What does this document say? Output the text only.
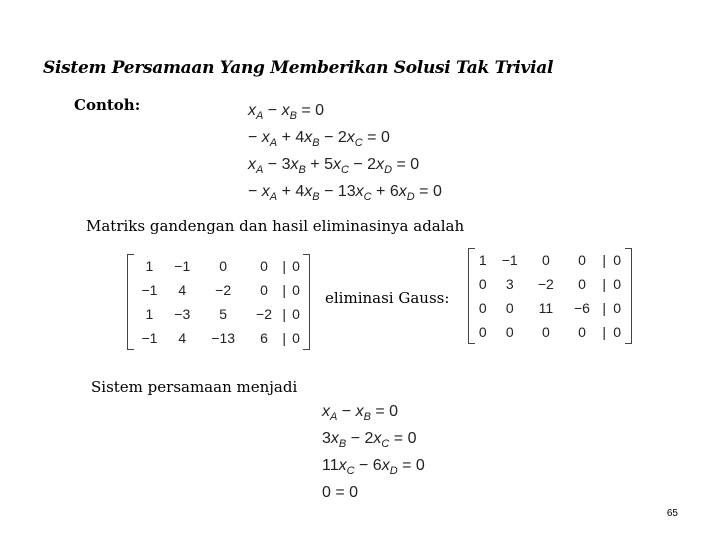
Sistem Persamaan Yang Memberikan Solusi Tak Trivial
Contoh:	$x_A - x_B = 0$
− $x_A + 4x_B - 2x_C = 0$
$x_A - 3x_B + 5x_C - 2x_D = 0$
− $x_A + 4x_B - 13x_C + 6x_D = 0$
Matriks gandengan dan hasil eliminasinya adalah
1	−1	0	0	|	0
−1	4	−2	0	|	0
1	−3	5	−2	|	0
−1	4	−13	6	|	0
eliminasi Gauss:
1	−1	0	0	|	0
0	3	−2	0	|	0
0	0	11	−6	|	0
0	0	0	0	|	0
Sistem persamaan menjadi
$x_A - x_B = 0$
$3x_B - 2x_C = 0$
$11x_C - 6x_D = 0$
0 = 0
65
